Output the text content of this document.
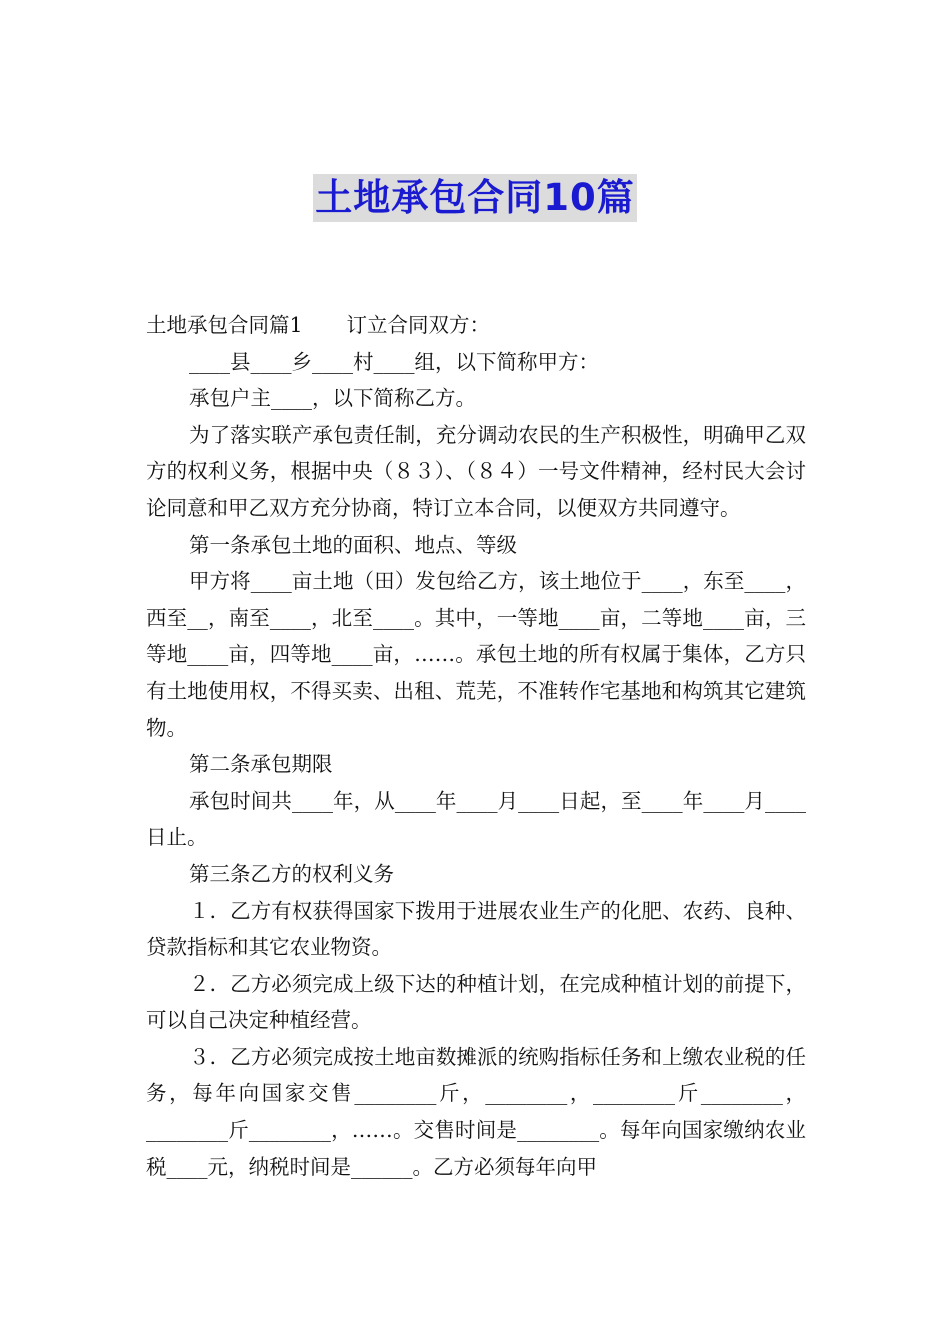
土地承包合同10篇

土地承包合同篇1 订立合同双方：

____县____乡____村____组，以下简称甲方：

承包户主____，以下简称乙方。

为了落实联产承包责任制，充分调动农民的生产积极性，明确甲乙双方的权利义务，根据中央（８３）、（８４）一号文件精神，经村民大会讨论同意和甲乙双方充分协商，特订立本合同，以便双方共同遵守。

第一条承包土地的面积、地点、等级

甲方将____亩土地（田）发包给乙方，该土地位于____，东至____，西至__，南至____，北至____。其中，一等地____亩，二等地____亩，三等地____亩，四等地____亩，……。承包土地的所有权属于集体，乙方只有土地使用权，不得买卖、出租、荒芜，不准转作宅基地和构筑其它建筑物。

第二条承包期限

承包时间共____年，从____年____月____日起，至____年____月____日止。

第三条乙方的权利义务

１．乙方有权获得国家下拨用于进展农业生产的化肥、农药、良种、贷款指标和其它农业物资。

２．乙方必须完成上级下达的种植计划，在完成种植计划的前提下，可以自己决定种植经营。

３．乙方必须完成按土地亩数摊派的统购指标任务和上缴农业税的任务，每年向国家交售________斤，________，________斤________，________斤________，……。交售时间是________。每年向国家缴纳农业税____元，纳税时间是______。乙方必须每年向甲
